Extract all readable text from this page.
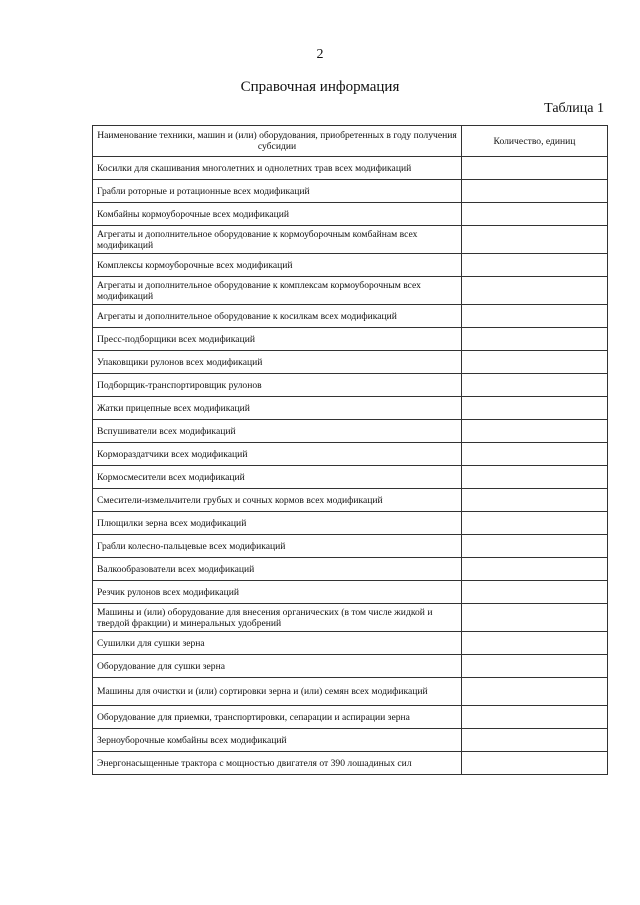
2
Справочная информация
Таблица 1
Наименование техники, машин и (или) оборудования, приобретенных в году получения субсидии	Количество, единиц
Косилки для скашивания многолетних и однолетних трав всех модификаций	
Грабли роторные и ротационные всех модификаций	
Комбайны кормоуборочные всех модификаций	
Агрегаты и дополнительное оборудование к кормоуборочным комбайнам всех модификаций	
Комплексы кормоуборочные всех модификаций	
Агрегаты и дополнительное оборудование к комплексам кормоуборочным всех модификаций	
Агрегаты и дополнительное оборудование к косилкам всех модификаций	
Пресс-подборщики всех модификаций	
Упаковщики рулонов всех модификаций	
Подборщик-транспортировщик рулонов	
Жатки прицепные всех модификаций	
Вспушиватели всех модификаций	
Кормораздатчики всех модификаций	
Кормосмесители всех модификаций	
Смесители-измельчители грубых и сочных кормов всех модификаций	
Плющилки зерна всех модификаций	
Грабли колесно-пальцевые всех модификаций	
Валкообразователи всех модификаций	
Резчик рулонов всех модификаций	
Машины и (или) оборудование для внесения органических (в том числе жидкой и твердой фракции) и минеральных удобрений	
Сушилки для сушки зерна	
Оборудование для сушки зерна	
Машины для очистки и (или) сортировки зерна и (или) семян всех модификаций	
Оборудование для приемки, транспортировки, сепарации и аспирации зерна	
Зерноуборочные комбайны всех модификаций	
Энергонасыщенные трактора с мощностью двигателя от 390 лошадиных сил	
